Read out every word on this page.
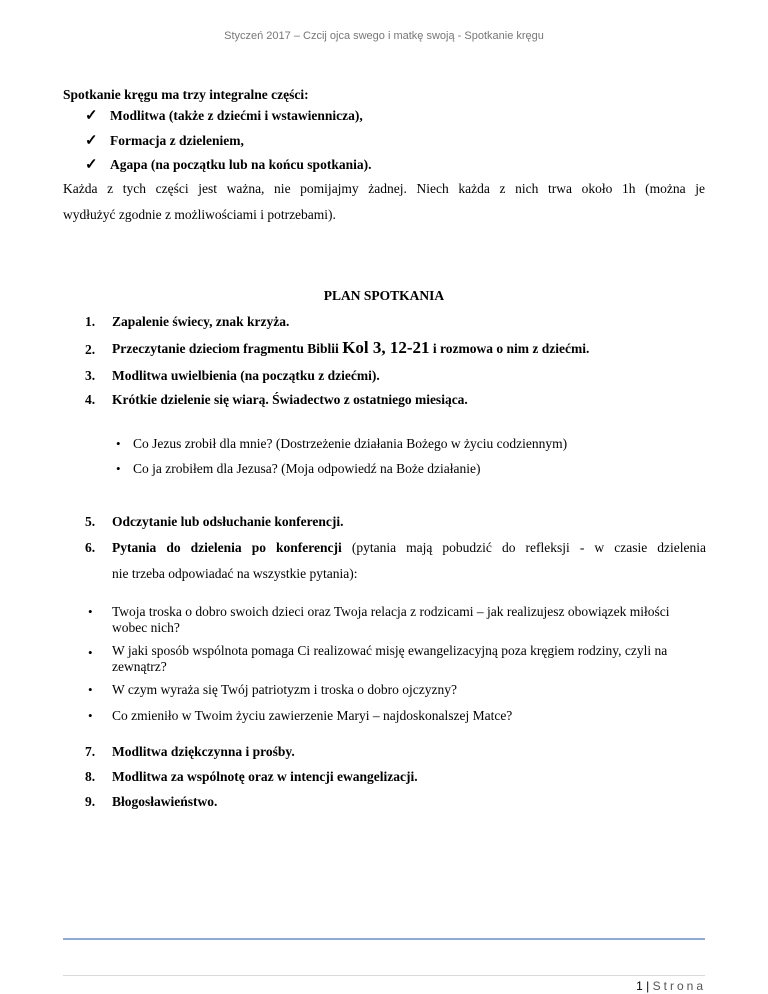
Styczeń 2017 – Czcij ojca swego i matkę swoją - Spotkanie kręgu
Spotkanie kręgu ma trzy integralne części:
✓ Modlitwa (także z dziećmi i wstawiennicza),
✓ Formacja z dzieleniem,
✓ Agapa (na początku lub na końcu spotkania).
Każda z tych części jest ważna, nie pomijajmy żadnej. Niech każda z nich trwa około 1h (można je
wydłużyć zgodnie z możliwościami i potrzebami).
PLAN SPOTKANIA
1. Zapalenie świecy, znak krzyża.
2. Przeczytanie dzieciom fragmentu Biblii Kol 3, 12-21 i rozmowa o nim z dziećmi.
3. Modlitwa uwielbienia (na początku z dziećmi).
4. Krótkie dzielenie się wiarą. Świadectwo z ostatniego miesiąca.
• Co Jezus zrobił dla mnie? (Dostrzeżenie działania Bożego w życiu codziennym)
• Co ja zrobiłem dla Jezusa? (Moja odpowiedź na Boże działanie)
5. Odczytanie lub odsłuchanie konferencji.
6. Pytania do dzielenia po konferencji (pytania mają pobudzić do refleksji - w czasie dzielenia
nie trzeba odpowiadać na wszystkie pytania):
• Twoja troska o dobro swoich dzieci oraz Twoja relacja z rodzicami – jak realizujesz obowiązek miłości wobec nich?
• W jaki sposób wspólnota pomaga Ci realizować misję ewangelizacyjną poza kręgiem rodziny, czyli na zewnątrz?
• W czym wyraża się Twój patriotyzm i troska o dobro ojczyzny?
• Co zmieniło w Twoim życiu zawierzenie Maryi – najdoskonalszej Matce?
7. Modlitwa dziękczynna i prośby.
8. Modlitwa za wspólnotę oraz w intencji ewangelizacji.
9. Błogosławieństwo.
1 | Strona
